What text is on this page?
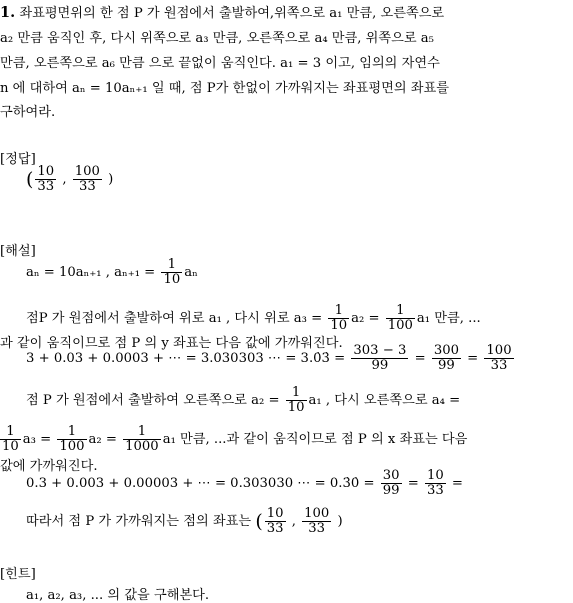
1. 좌표평면위의 한 점 P 가 원점에서 출발하여,위쪽으로 a₁ 만큼, 오른쪽으로
a₂ 만큼 움직인 후, 다시 위쪽으로 a₃ 만큼, 오른쪽으로 a₄ 만큼, 위쪽으로 a₅
만큼, 오른쪽으로 a₆ 만큼 으로 끝없이 움직인다. a₁ = 3 이고, 임의의 자연수
n 에 대하여 aₙ = 10aₙ₊₁ 일 때, 점 P가 한없이 가까워지는 좌표평면의 좌표를
구하여라.
[정답]
( $\frac{10}{33}$ , $\frac{100}{33}$ )
[해설]
aₙ = 10aₙ₊₁ , $a_{n+1} = \frac{1}{10}$ aₙ
점P 가 원점에서 출발하여 위로 a₁ , 다시 위로 $a_3 = \frac{1}{10} a_2 = \frac{1}{100} a_1$ 만큼, ...
과 같이 움직이므로 점 P 의 y 좌표는 다음 값에 가까워진다.
3 + 0.03 + 0.0003 + ⋯ = 3.030303 ⋯ = 3.0̇3̇ = $\frac{303 - 3}{99} = \frac{300}{99} = \frac{100}{33}$
점 P 가 원점에서 출발하여 오른쪽으로 $a_2 = \frac{1}{10} a_1$ , 다시 오른쪽으로 a₄ =
$\frac{1}{10} a_3 = \frac{1}{100} a_2 = \frac{1}{1000} a_1$ 만큼, ...과 같이 움직이므로 점 P 의 x 좌표는 다음
값에 가까워진다.
0.3 + 0.003 + 0.00003 + ⋯ = 0.303030 ⋯ = 0.3̇0̇ = $\frac{30}{99} = \frac{10}{33}$ =
따라서 점 P 가 가까워지는 점의 좌표는 ( $\frac{10}{33}$ , $\frac{100}{33}$ )
[힌트]
a₁, a₂, a₃, ... 의 값을 구해본다.
